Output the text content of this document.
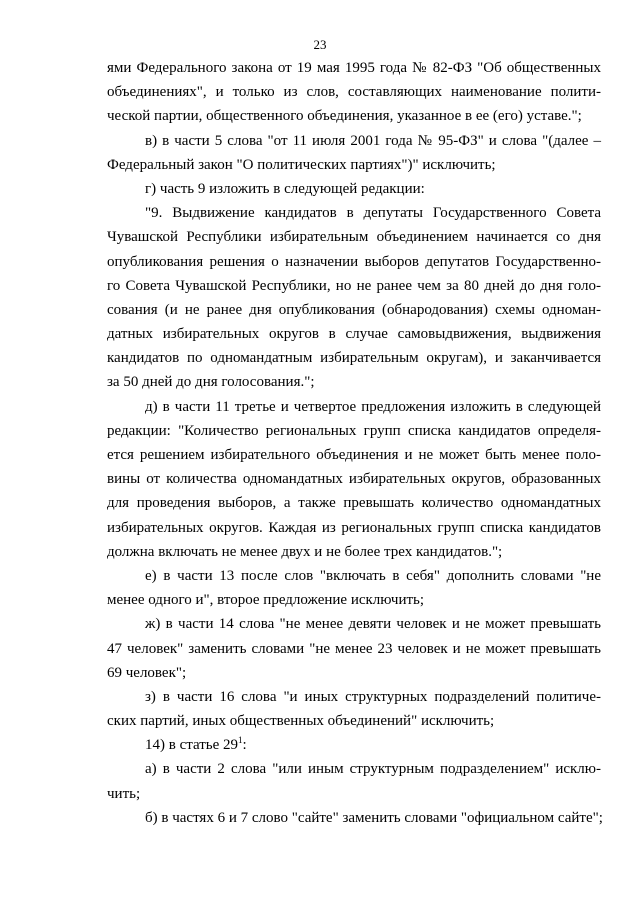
23
ями Федерального закона от 19 мая 1995 года № 82-ФЗ "Об общественных
объединениях", и только из слов, составляющих наименование полити-
ческой партии, общественного объединения, указанное в ее (его) уставе.";
в) в части 5 слова "от 11 июля 2001 года № 95-ФЗ" и слова "(далее –
Федеральный закон "О политических партиях")" исключить;
г) часть 9 изложить в следующей редакции:
"9. Выдвижение кандидатов в депутаты Государственного Совета
Чувашской Республики избирательным объединением начинается со дня
опубликования решения о назначении выборов депутатов Государственно-
го Совета Чувашской Республики, но не ранее чем за 80 дней до дня голо-
сования (и не ранее дня опубликования (обнародования) схемы одноман-
датных избирательных округов в случае самовыдвижения, выдвижения
кандидатов по одномандатным избирательным округам), и заканчивается
за 50 дней до дня голосования.";
д) в части 11 третье и четвертое предложения изложить в следующей
редакции: "Количество региональных групп списка кандидатов определя-
ется решением избирательного объединения и не может быть менее поло-
вины от количества одномандатных избирательных округов, образованных
для проведения выборов, а также превышать количество одномандатных
избирательных округов. Каждая из региональных групп списка кандидатов
должна включать не менее двух и не более трех кандидатов.";
е) в части 13 после слов "включать в себя" дополнить словами "не
менее одного и", второе предложение исключить;
ж) в части 14 слова "не менее девяти человек и не может превышать
47 человек" заменить словами "не менее 23 человек и не может превышать
69 человек";
з) в части 16 слова "и иных структурных подразделений политиче-
ских партий, иных общественных объединений" исключить;
14) в статье $29^1$:
а) в части 2 слова "или иным структурным подразделением" исклю-
чить;
б) в частях 6 и 7 слово "сайте" заменить словами "официальном сайте";
